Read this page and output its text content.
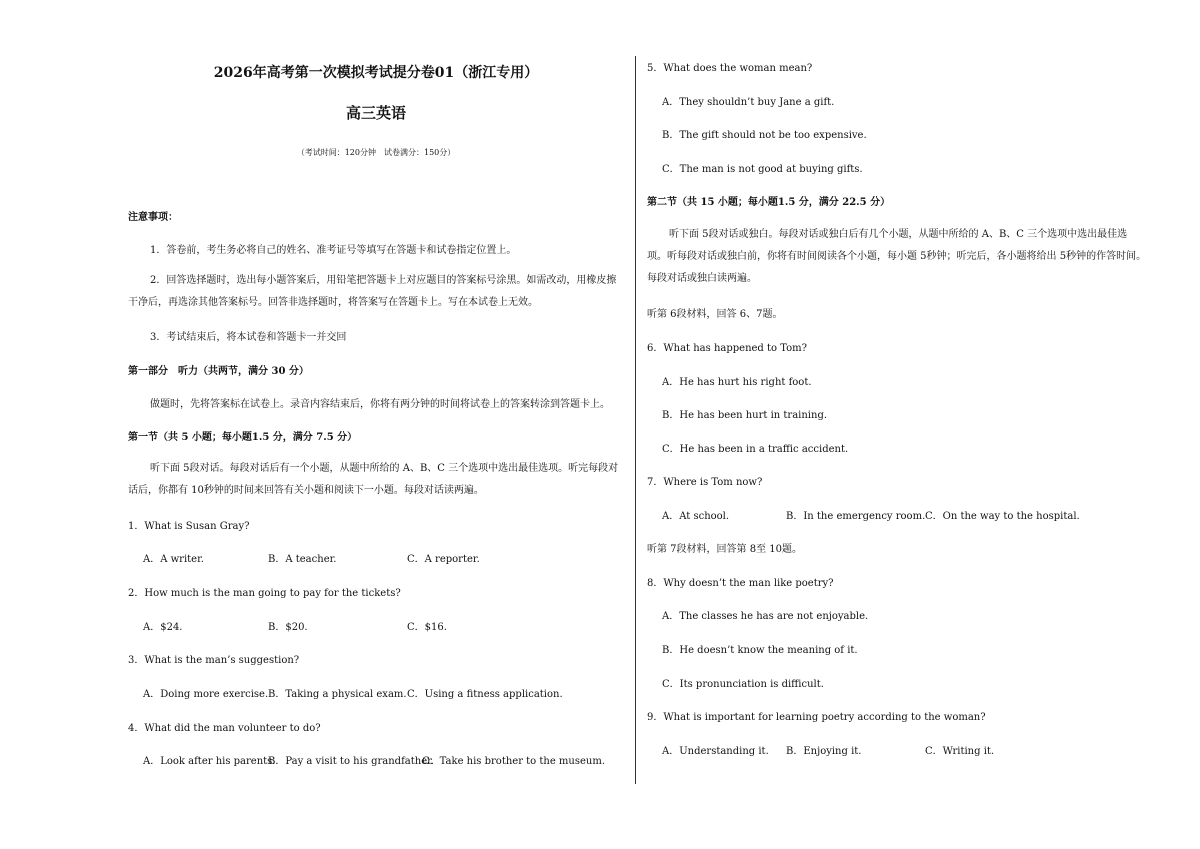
2026年高考第一次模拟考试提分卷01（浙江专用）
高三英语
（考试时间：120分钟　试卷满分：150分）
注意事项：
1．答卷前，考生务必将自己的姓名、准考证号等填写在答题卡和试卷指定位置上。
2．回答选择题时，选出每小题答案后，用铅笔把答题卡上对应题目的答案标号涂黑。如需改动，用橡皮擦干净后，再选涂其他答案标号。回答非选择题时，将答案写在答题卡上。写在本试卷上无效。
3．考试结束后，将本试卷和答题卡一并交回
第一部分　听力（共两节，满分 30 分）
做题时，先将答案标在试卷上。录音内容结束后，你将有两分钟的时间将试卷上的答案转涂到答题卡上。
第一节（共 5 小题；每小题1.5 分，满分 7.5 分）
听下面 5段对话。每段对话后有一个小题，从题中所给的 A、B、C 三个选项中选出最佳选项。听完每段对话后，你都有 10秒钟的时间来回答有关小题和阅读下一小题。每段对话读两遍。
1．What is Susan Gray?
A．A writer.	B．A teacher.	C．A reporter.
2．How much is the man going to pay for the tickets?
A．$24.	B．$20.	C．$16.
3．What is the man’s suggestion?
A．Doing more exercise. B．Taking a physical exam. C．Using a fitness application.
4．What did the man volunteer to do?
A．Look after his parents.
B．Pay a visit to his grandfather.
C．Take his brother to the museum.
5．What does the woman mean?
A．They shouldn’t buy Jane a gift.
B．The gift should not be too expensive.
C．The man is not good at buying gifts.
第二节（共 15 小题；每小题1.5 分，满分 22.5 分）
听下面 5段对话或独白。每段对话或独白后有几个小题，从题中所给的 A、B、C 三个选项中选出最佳选项。听每段对话或独白前，你将有时间阅读各个小题，每小题 5秒钟；听完后，各小题将给出 5秒钟的作答时间。每段对话或独白读两遍。
听第 6段材料，回答 6、7题。
6．What has happened to Tom?
A．He has hurt his right foot.
B．He has been hurt in training.
C．He has been in a traffic accident.
7．Where is Tom now?
A．At school.	B．In the emergency room. C．On the way to the hospital.
听第 7段材料，回答第 8至 10题。
8．Why doesn’t the man like poetry?
A．The classes he has are not enjoyable.
B．He doesn’t know the meaning of it.
C．Its pronunciation is difficult.
9．What is important for learning poetry according to the woman?
A．Understanding it. B．Enjoying it.	C．Writing it.
